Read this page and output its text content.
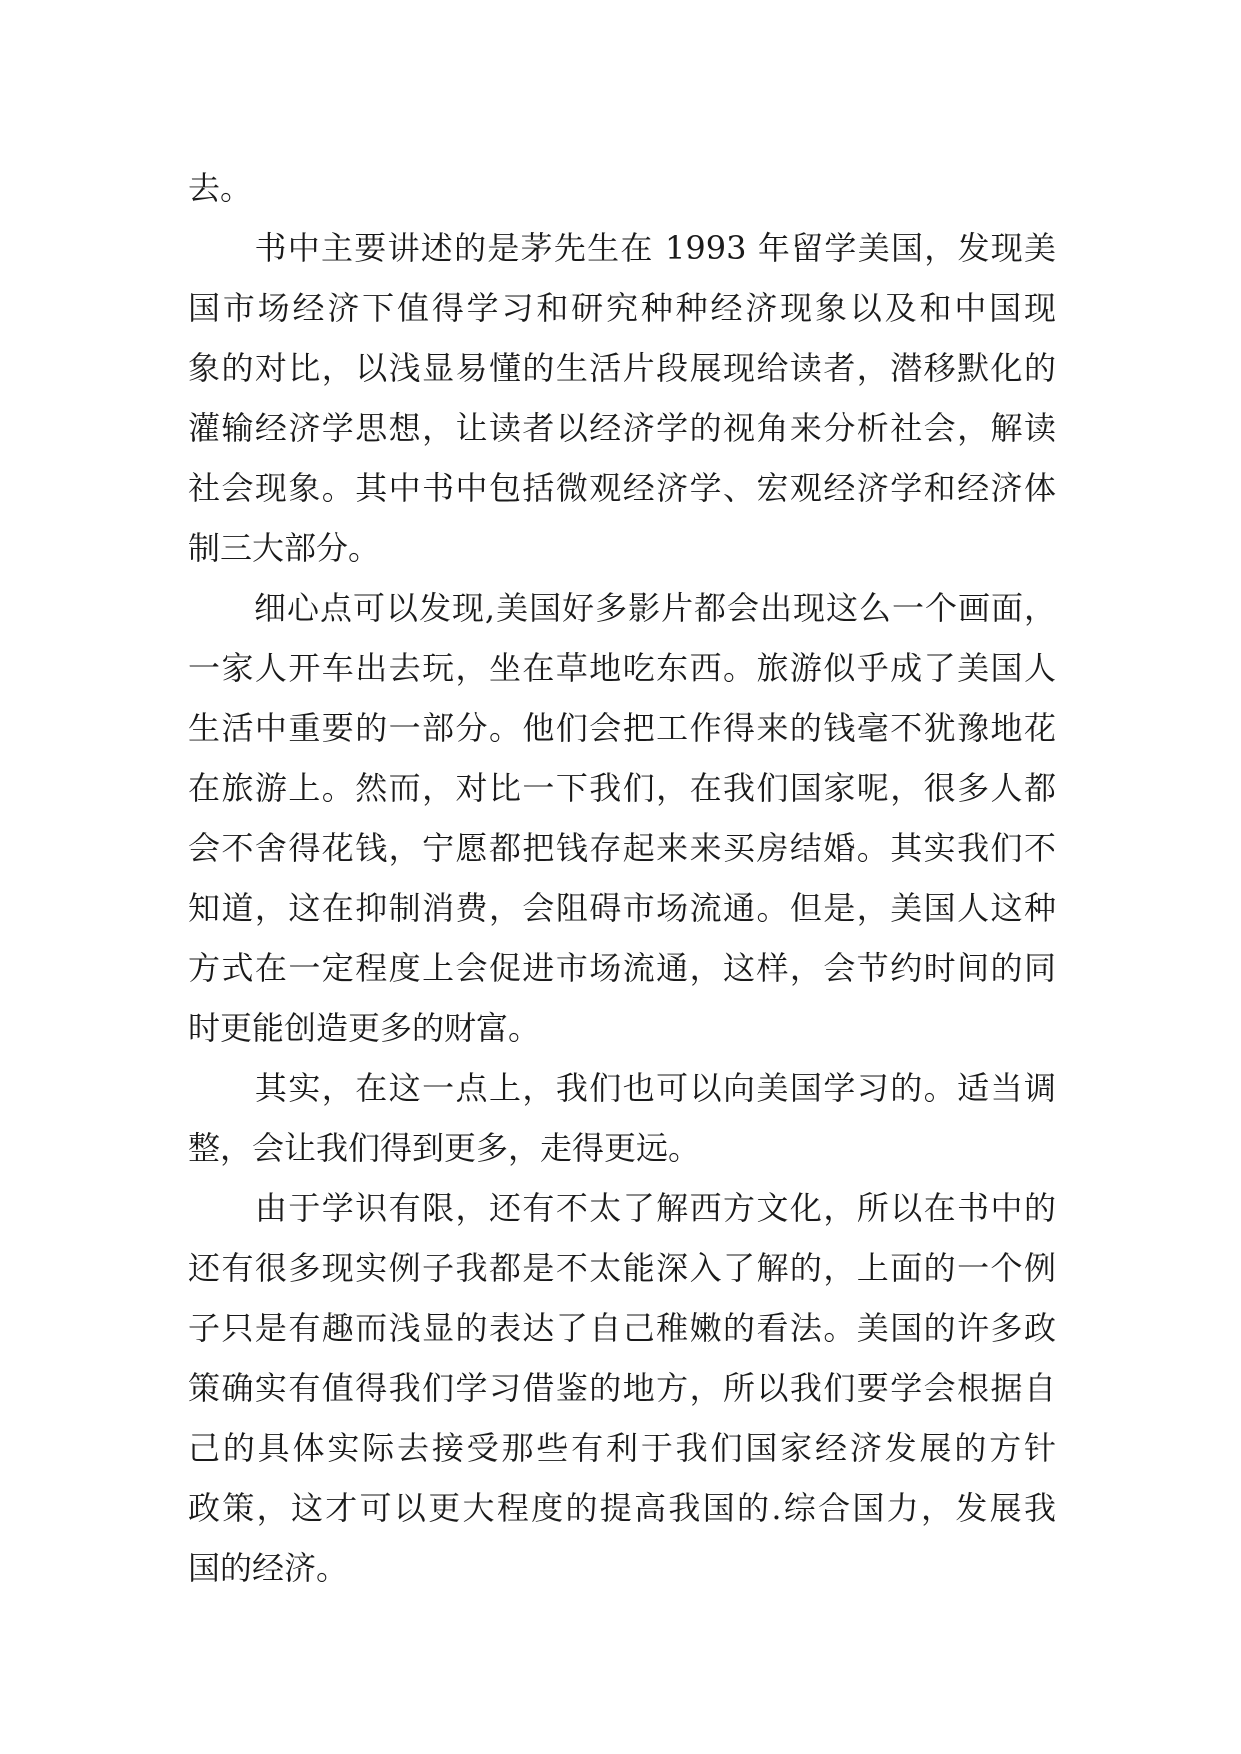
去。

　　书中主要讲述的是茅先生在 1993 年留学美国，发现美

国市场经济下值得学习和研究种种经济现象以及和中国现

象的对比，以浅显易懂的生活片段展现给读者，潜移默化的

灌输经济学思想，让读者以经济学的视角来分析社会，解读

社会现象。其中书中包括微观经济学、宏观经济学和经济体

制三大部分。

　　细心点可以发现,美国好多影片都会出现这么一个画面，

一家人开车出去玩，坐在草地吃东西。旅游似乎成了美国人

生活中重要的一部分。他们会把工作得来的钱毫不犹豫地花

在旅游上。然而，对比一下我们，在我们国家呢，很多人都

会不舍得花钱，宁愿都把钱存起来来买房结婚。其实我们不

知道，这在抑制消费，会阻碍市场流通。但是，美国人这种

方式在一定程度上会促进市场流通，这样，会节约时间的同

时更能创造更多的财富。

　　其实，在这一点上，我们也可以向美国学习的。适当调

整，会让我们得到更多，走得更远。

　　由于学识有限，还有不太了解西方文化，所以在书中的

还有很多现实例子我都是不太能深入了解的，上面的一个例

子只是有趣而浅显的表达了自己稚嫩的看法。美国的许多政

策确实有值得我们学习借鉴的地方，所以我们要学会根据自

己的具体实际去接受那些有利于我们国家经济发展的方针

政策，这才可以更大程度的提高我国的.综合国力，发展我

国的经济。
